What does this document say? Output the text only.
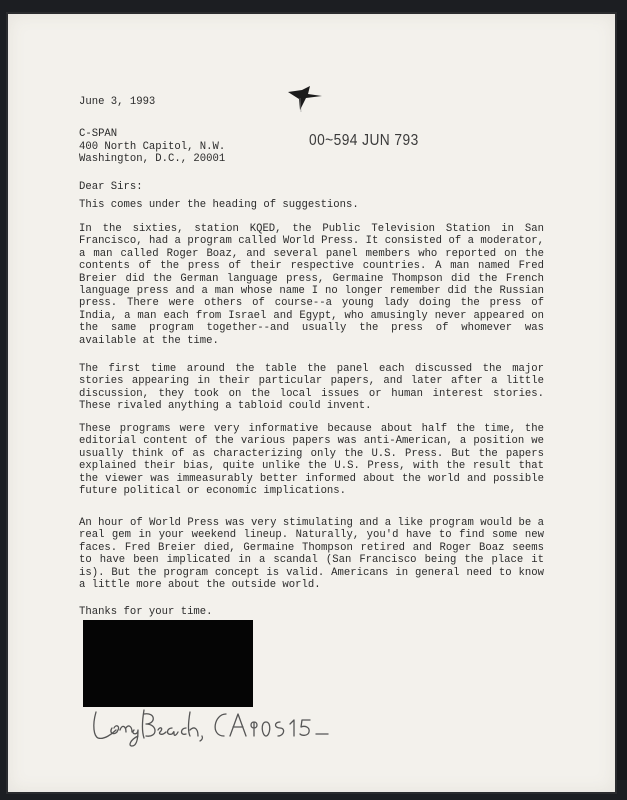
June 3, 1993
C-SPAN
400 North Capitol, N.W.
Washington, D.C., 20001
00~594 JUN 793
Dear Sirs:
This comes under the heading of suggestions.
In the sixties, station KQED, the Public Television Station in San Francisco, had a program called World Press. It consisted of a moderator, a man called Roger Boaz, and several panel members who reported on the contents of the press of their respective countries. A man named Fred Breier did the German language press, Germaine Thompson did the French language press and a man whose name I no longer remember did the Russian press. There were others of course--a young lady doing the press of India, a man each from Israel and Egypt, who amusingly never appeared on the same program together--and usually the press of whomever was available at the time.
The first time around the table the panel each discussed the major stories appearing in their particular papers, and later after a little discussion, they took on the local issues or human interest stories. These rivaled anything a tabloid could invent.
These programs were very informative because about half the time, the editorial content of the various papers was anti-American, a position we usually think of as characterizing only the U.S. Press. But the papers explained their bias, quite unlike the U.S. Press, with the result that the viewer was immeasurably better informed about the world and possible future political or economic implications.
An hour of World Press was very stimulating and a like program would be a real gem in your weekend lineup. Naturally, you'd have to find some new faces. Fred Breier died, Germaine Thompson retired and Roger Boaz seems to have been implicated in a scandal (San Francisco being the place it is). But the program concept is valid. Americans in general need to know a little more about the outside world.
Thanks for your time.
